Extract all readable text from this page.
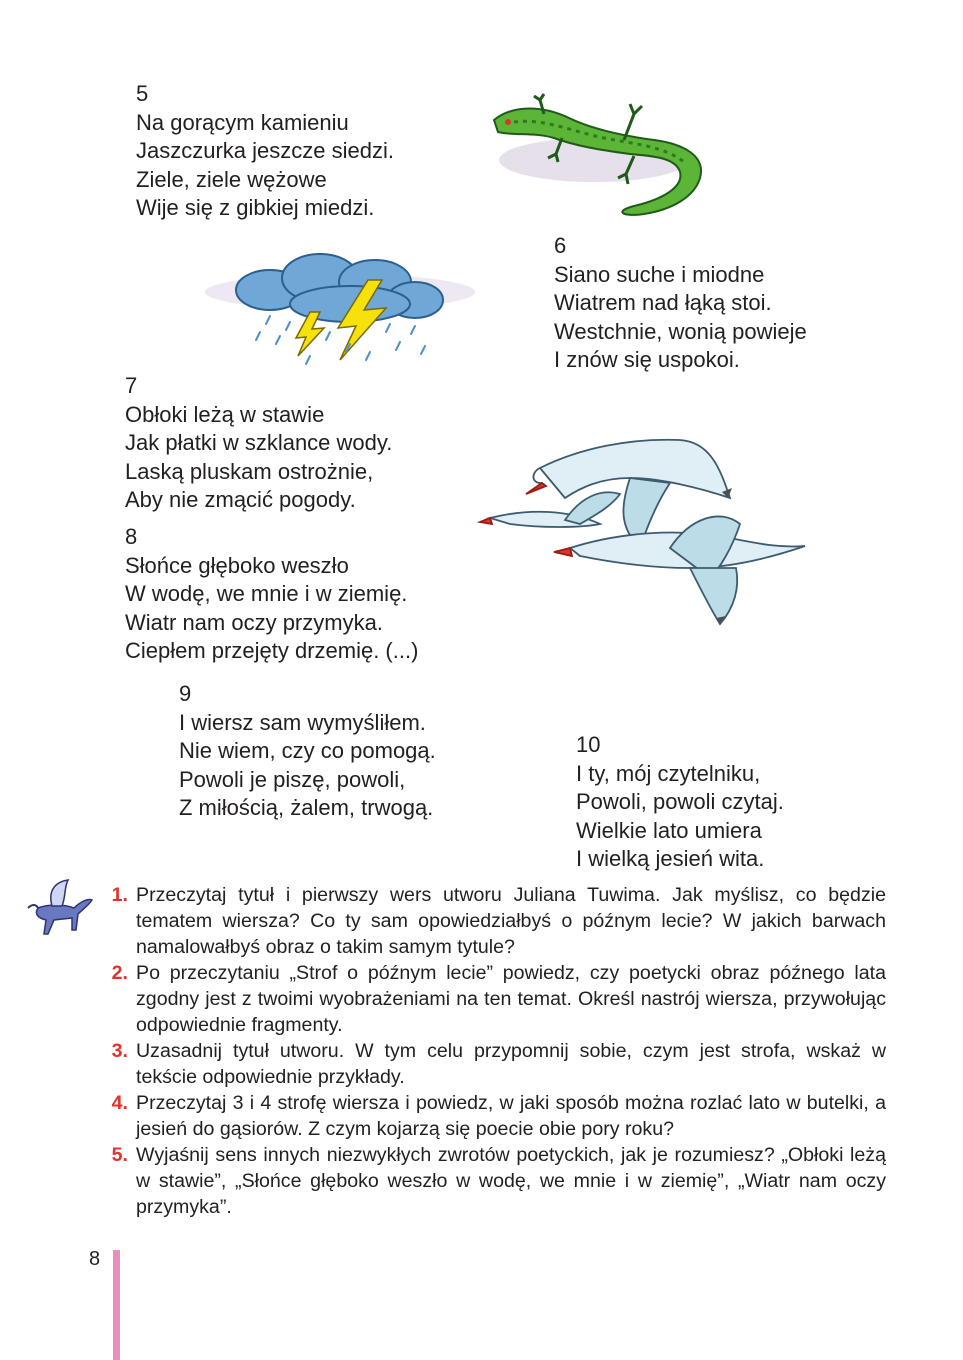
5
Na gorącym kamieniu
Jaszczurka jeszcze siedzi.
Ziele, ziele wężowe
Wije się z gibkiej miedzi.
6
Siano suche i miodne
Wiatrem nad łąką stoi.
Westchnie, wonią powieje
I znów się uspokoi.
7
Obłoki leżą w stawie
Jak płatki w szklance wody.
Laską pluskam ostrożnie,
Aby nie zmącić pogody.
8
Słońce głęboko weszło
W wodę, we mnie i w ziemię.
Wiatr nam oczy przymyka.
Ciepłem przejęty drzemię. (...)
9
I wiersz sam wymyśliłem.
Nie wiem, czy co pomogą.
Powoli je piszę, powoli,
Z miłością, żalem, trwogą.
10
I ty, mój czytelniku,
Powoli, powoli czytaj.
Wielkie lato umiera
I wielką jesień wita.
1. Przeczytaj tytuł i pierwszy wers utworu Juliana Tuwima. Jak myślisz, co będzie tematem wiersza? Co ty sam opowiedziałbyś o późnym lecie? W jakich barwach namalowałbyś obraz o takim samym tytule?
2. Po przeczytaniu „Strof o późnym lecie” powiedz, czy poetycki obraz późnego lata zgodny jest z twoimi wyobrażeniami na ten temat. Określ nastrój wiersza, przywołując odpowiednie fragmenty.
3. Uzasadnij tytuł utworu. W tym celu przypomnij sobie, czym jest strofa, wskaż w tekście odpowiednie przykłady.
4. Przeczytaj 3 i 4 strofę wiersza i powiedz, w jaki sposób można rozlać lato w butelki, a jesień do gąsiorów. Z czym kojarzą się poecie obie pory roku?
5. Wyjaśnij sens innych niezwykłych zwrotów poetyckich, jak je rozumiesz? „Obłoki leżą w stawie”, „Słońce głęboko weszło w wodę, we mnie i w ziemię”, „Wiatr nam oczy przymyka”.
8
